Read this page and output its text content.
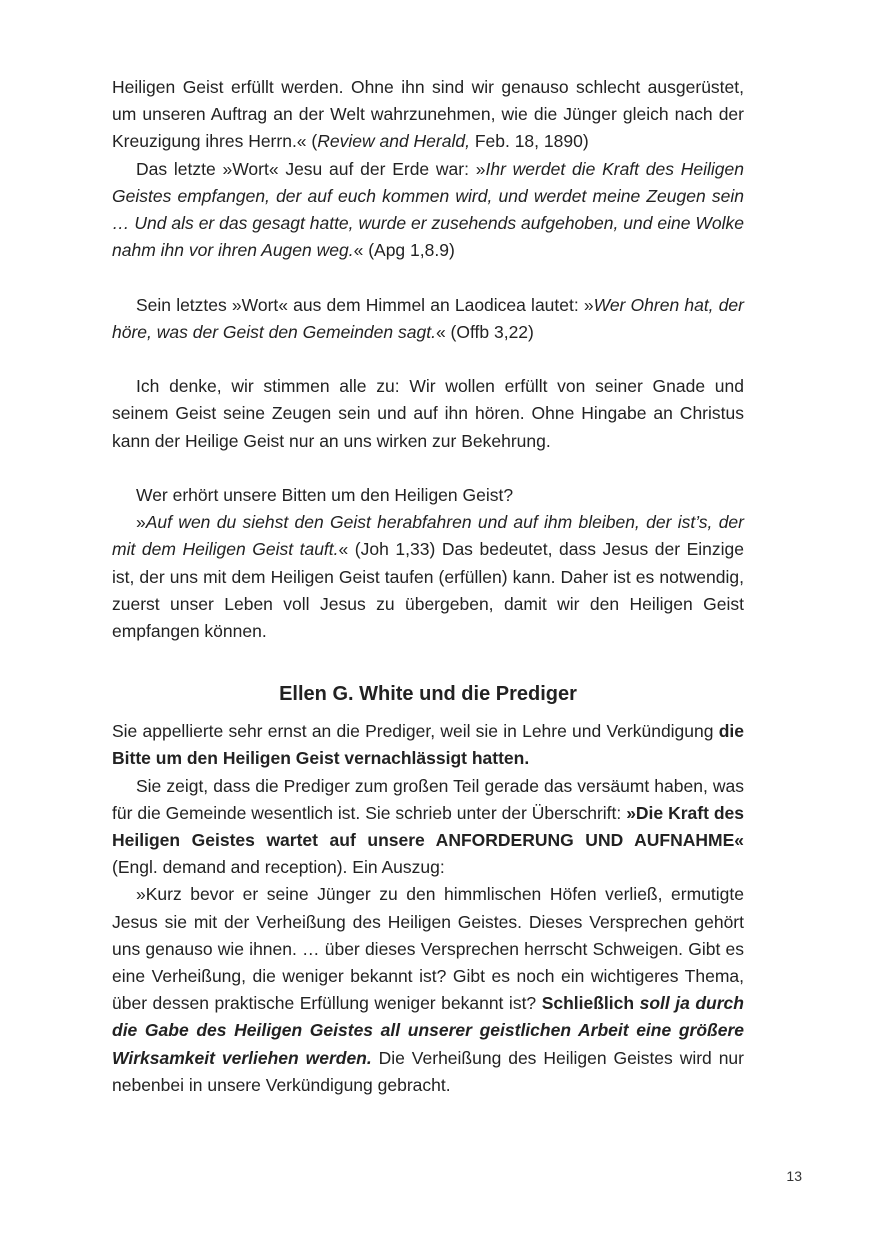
Heiligen Geist erfüllt werden. Ohne ihn sind wir genauso schlecht ausgerüstet, um unseren Auftrag an der Welt wahrzunehmen, wie die Jünger gleich nach der Kreuzigung ihres Herrn.« (Review and Herald, Feb. 18, 1890)

Das letzte »Wort« Jesu auf der Erde war: »Ihr werdet die Kraft des Heiligen Geistes empfangen, der auf euch kommen wird, und werdet meine Zeugen sein … Und als er das gesagt hatte, wurde er zusehends aufgehoben, und eine Wolke nahm ihn vor ihren Augen weg.« (Apg 1,8.9)

Sein letztes »Wort« aus dem Himmel an Laodicea lautet: »Wer Ohren hat, der höre, was der Geist den Gemeinden sagt.« (Offb 3,22)

Ich denke, wir stimmen alle zu: Wir wollen erfüllt von seiner Gnade und seinem Geist seine Zeugen sein und auf ihn hören. Ohne Hingabe an Christus kann der Heilige Geist nur an uns wirken zur Bekehrung.

Wer erhört unsere Bitten um den Heiligen Geist?

»Auf wen du siehst den Geist herabfahren und auf ihm bleiben, der ist’s, der mit dem Heiligen Geist tauft.« (Joh 1,33) Das bedeutet, dass Jesus der Einzige ist, der uns mit dem Heiligen Geist taufen (erfüllen) kann. Daher ist es notwendig, zuerst unser Leben voll Jesus zu übergeben, damit wir den Heiligen Geist empfangen können.

Ellen G. White und die Prediger

Sie appellierte sehr ernst an die Prediger, weil sie in Lehre und Verkündigung die Bitte um den Heiligen Geist vernachlässigt hatten.

Sie zeigt, dass die Prediger zum großen Teil gerade das versäumt haben, was für die Gemeinde wesentlich ist. Sie schrieb unter der Überschrift: »Die Kraft des Heiligen Geistes wartet auf unsere ANFORDERUNG UND AUFNAHME« (Engl. demand and reception). Ein Auszug:

»Kurz bevor er seine Jünger zu den himmlischen Höfen verließ, ermutigte Jesus sie mit der Verheißung des Heiligen Geistes. Dieses Versprechen gehört uns genauso wie ihnen. … über dieses Versprechen herrscht Schweigen. Gibt es eine Verheißung, die weniger bekannt ist? Gibt es noch ein wichtigeres Thema, über dessen praktische Erfüllung weniger bekannt ist? Schließlich soll ja durch die Gabe des Heiligen Geistes all unserer geistlichen Arbeit eine größere Wirksamkeit verliehen werden. Die Verheißung des Heiligen Geistes wird nur nebenbei in unsere Verkündigung gebracht.

13
